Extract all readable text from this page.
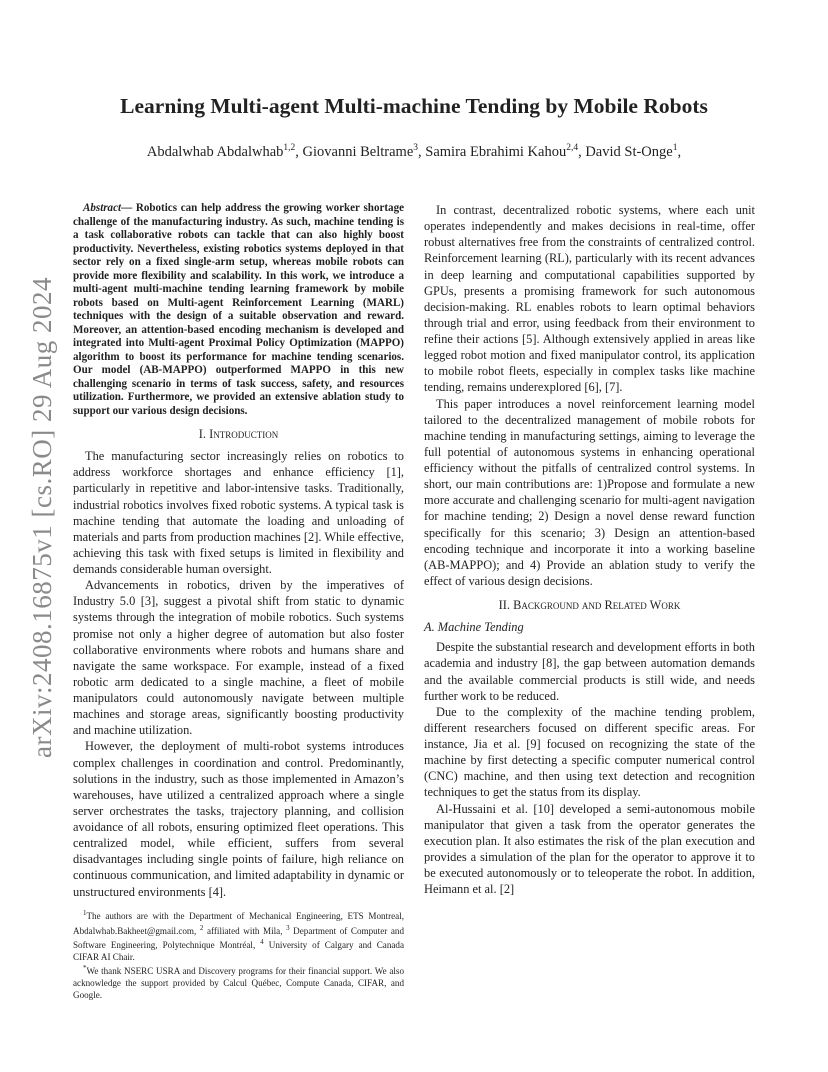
arXiv:2408.16875v1 [cs.RO] 29 Aug 2024
Learning Multi-agent Multi-machine Tending by Mobile Robots
Abdalwhab Abdalwhab$^{1,2}$, Giovanni Beltrame$^3$, Samira Ebrahimi Kahou$^{2,4}$, David St-Onge$^1$,

Abstract— Robotics can help address the growing worker shortage challenge of the manufacturing industry. As such, machine tending is a task collaborative robots can tackle that can also highly boost productivity. Nevertheless, existing robotics systems deployed in that sector rely on a fixed single-arm setup, whereas mobile robots can provide more flexibility and scalability. In this work, we introduce a multi-agent multi-machine tending learning framework by mobile robots based on Multi-agent Reinforcement Learning (MARL) techniques with the design of a suitable observation and reward. Moreover, an attention-based encoding mechanism is developed and integrated into Multi-agent Proximal Policy Optimization (MAPPO) algorithm to boost its performance for machine tending scenarios. Our model (AB-MAPPO) outperformed MAPPO in this new challenging scenario in terms of task success, safety, and resources utilization. Furthermore, we provided an extensive ablation study to support our various design decisions.

I. Introduction

The manufacturing sector increasingly relies on robotics to address workforce shortages and enhance efficiency [1], particularly in repetitive and labor-intensive tasks. Traditionally, industrial robotics involves fixed robotic systems. A typical task is machine tending that automate the loading and unloading of materials and parts from production machines [2]. While effective, achieving this task with fixed setups is limited in flexibility and demands considerable human oversight.

Advancements in robotics, driven by the imperatives of Industry 5.0 [3], suggest a pivotal shift from static to dynamic systems through the integration of mobile robotics. Such systems promise not only a higher degree of automation but also foster collaborative environments where robots and humans share and navigate the same workspace. For example, instead of a fixed robotic arm dedicated to a single machine, a fleet of mobile manipulators could autonomously navigate between multiple machines and storage areas, significantly boosting productivity and machine utilization.

However, the deployment of multi-robot systems introduces complex challenges in coordination and control. Predominantly, solutions in the industry, such as those implemented in Amazon’s warehouses, have utilized a centralized approach where a single server orchestrates the tasks, trajectory planning, and collision avoidance of all robots, ensuring optimized fleet operations. This centralized model, while efficient, suffers from several disadvantages including single points of failure, high reliance on continuous communication, and limited adaptability in dynamic or unstructured environments [4].

In contrast, decentralized robotic systems, where each unit operates independently and makes decisions in real-time, offer robust alternatives free from the constraints of centralized control. Reinforcement learning (RL), particularly with its recent advances in deep learning and computational capabilities supported by GPUs, presents a promising framework for such autonomous decision-making. RL enables robots to learn optimal behaviors through trial and error, using feedback from their environment to refine their actions [5]. Although extensively applied in areas like legged robot motion and fixed manipulator control, its application to mobile robot fleets, especially in complex tasks like machine tending, remains underexplored [6], [7].

This paper introduces a novel reinforcement learning model tailored to the decentralized management of mobile robots for machine tending in manufacturing settings, aiming to leverage the full potential of autonomous systems in enhancing operational efficiency without the pitfalls of centralized control systems. In short, our main contributions are: 1)Propose and formulate a new more accurate and challenging scenario for multi-agent navigation for machine tending; 2) Design a novel dense reward function specifically for this scenario; 3) Design an attention-based encoding technique and incorporate it into a working baseline (AB-MAPPO); and 4) Provide an ablation study to verify the effect of various design decisions.

II. Background and Related Work
A. Machine Tending

Despite the substantial research and development efforts in both academia and industry [8], the gap between automation demands and the available commercial products is still wide, and needs further work to be reduced.

Due to the complexity of the machine tending problem, different researchers focused on different specific areas. For instance, Jia et al. [9] focused on recognizing the state of the machine by first detecting a specific computer numerical control (CNC) machine, and then using text detection and recognition techniques to get the status from its display.

Al-Hussaini et al. [10] developed a semi-autonomous mobile manipulator that given a task from the operator generates the execution plan. It also estimates the risk of the plan execution and provides a simulation of the plan for the operator to approve it to be executed autonomously or to teleoperate the robot. In addition, Heimann et al. [2]

$^1$The authors are with the Department of Mechanical Engineering, ETS Montreal, Abdalwhab.Bakheet@gmail.com, $^2$ affiliated with Mila, $^3$ Department of Computer and Software Engineering, Polytechnique Montréal, $^4$ University of Calgary and Canada CIFAR AI Chair.

*We thank NSERC USRA and Discovery programs for their financial support. We also acknowledge the support provided by Calcul Québec, Compute Canada, CIFAR, and Google.
